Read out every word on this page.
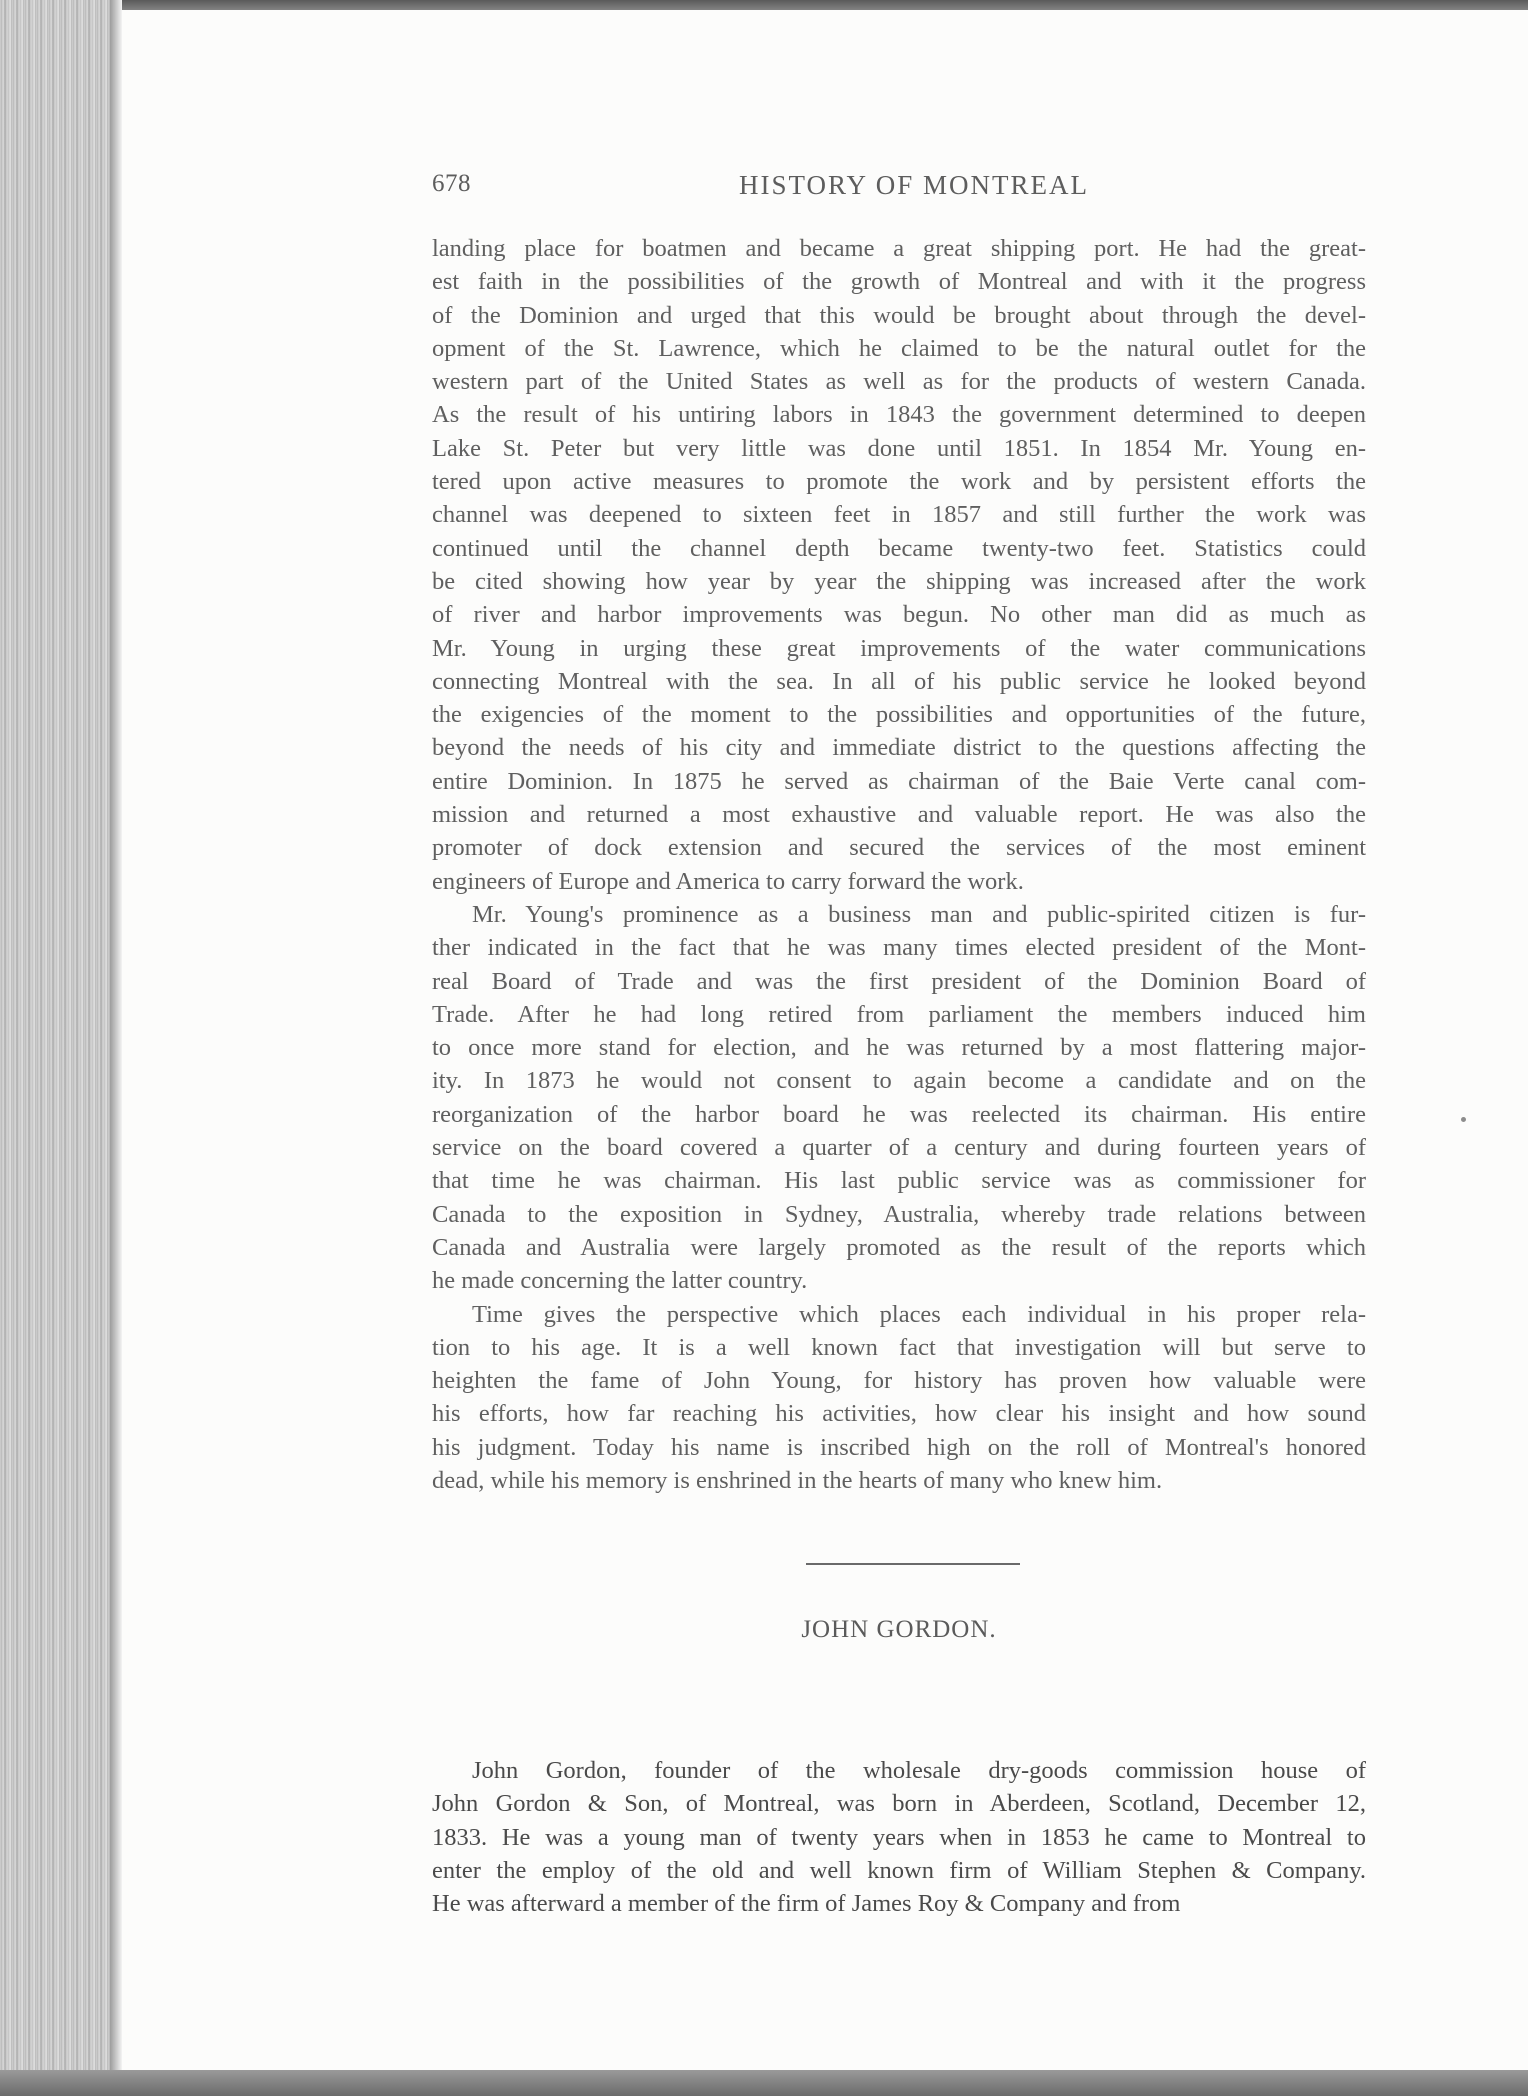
678	HISTORY OF MONTREAL
landing place for boatmen and became a great shipping port. He had the great-
est faith in the possibilities of the growth of Montreal and with it the progress
of the Dominion and urged that this would be brought about through the devel-
opment of the St. Lawrence, which he claimed to be the natural outlet for the
western part of the United States as well as for the products of western Canada.
As the result of his untiring labors in 1843 the government determined to deepen
Lake St. Peter but very little was done until 1851. In 1854 Mr. Young en-
tered upon active measures to promote the work and by persistent efforts the
channel was deepened to sixteen feet in 1857 and still further the work was
continued until the channel depth became twenty-two feet. Statistics could
be cited showing how year by year the shipping was increased after the work
of river and harbor improvements was begun. No other man did as much as
Mr. Young in urging these great improvements of the water communications
connecting Montreal with the sea. In all of his public service he looked beyond
the exigencies of the moment to the possibilities and opportunities of the future,
beyond the needs of his city and immediate district to the questions affecting the
entire Dominion. In 1875 he served as chairman of the Baie Verte canal com-
mission and returned a most exhaustive and valuable report. He was also the
promoter of dock extension and secured the services of the most eminent
engineers of Europe and America to carry forward the work.
Mr. Young's prominence as a business man and public-spirited citizen is fur-
ther indicated in the fact that he was many times elected president of the Mont-
real Board of Trade and was the first president of the Dominion Board of
Trade. After he had long retired from parliament the members induced him
to once more stand for election, and he was returned by a most flattering major-
ity. In 1873 he would not consent to again become a candidate and on the
reorganization of the harbor board he was reelected its chairman. His entire
service on the board covered a quarter of a century and during fourteen years of
that time he was chairman. His last public service was as commissioner for
Canada to the exposition in Sydney, Australia, whereby trade relations between
Canada and Australia were largely promoted as the result of the reports which
he made concerning the latter country.
Time gives the perspective which places each individual in his proper rela-
tion to his age. It is a well known fact that investigation will but serve to
heighten the fame of John Young, for history has proven how valuable were
his efforts, how far reaching his activities, how clear his insight and how sound
his judgment. Today his name is inscribed high on the roll of Montreal's honored
dead, while his memory is enshrined in the hearts of many who knew him.
JOHN GORDON.
John Gordon, founder of the wholesale dry-goods commission house of
John Gordon & Son, of Montreal, was born in Aberdeen, Scotland, December 12,
1833. He was a young man of twenty years when in 1853 he came to Montreal to
enter the employ of the old and well known firm of William Stephen & Company.
He was afterward a member of the firm of James Roy & Company and from
